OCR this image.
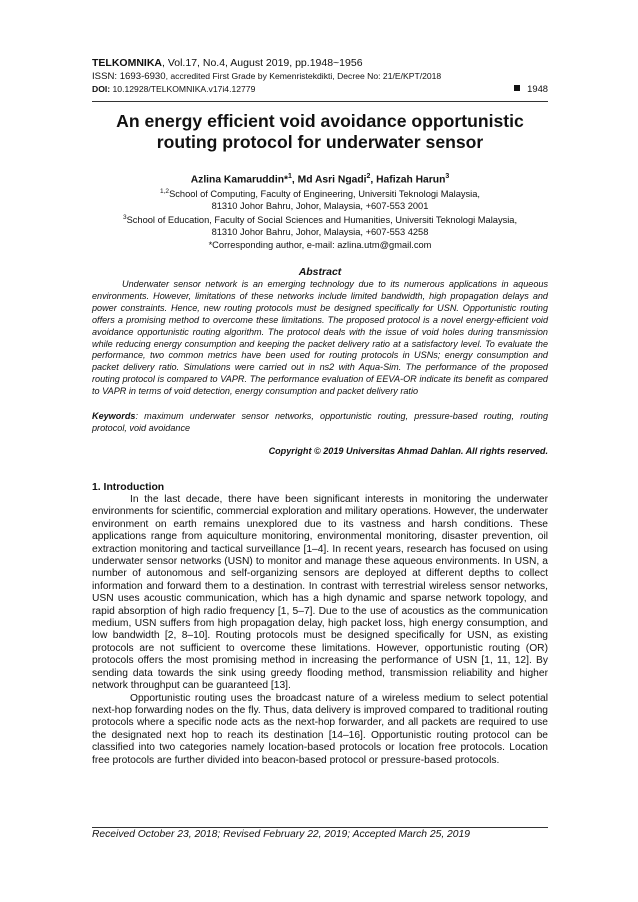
TELKOMNIKA, Vol.17, No.4, August 2019, pp.1948~1956
ISSN: 1693-6930, accredited First Grade by Kemenristekdikti, Decree No: 21/E/KPT/2018
DOI: 10.12928/TELKOMNIKA.v17i4.12779	1948
An energy efficient void avoidance opportunistic
routing protocol for underwater sensor
Azlina Kamaruddin*$^1$, Md Asri Ngadi$^2$, Hafizah Harun$^3$
$^{1,2}$School of Computing, Faculty of Engineering, Universiti Teknologi Malaysia,
81310 Johor Bahru, Johor, Malaysia, +607-553 2001
$^3$School of Education, Faculty of Social Sciences and Humanities, Universiti Teknologi Malaysia,
81310 Johor Bahru, Johor, Malaysia, +607-553 4258
*Corresponding author, e-mail: azlina.utm@gmail.com
Abstract

Underwater sensor network is an emerging technology due to its numerous applications in aqueous environments. However, limitations of these networks include limited bandwidth, high propagation delays and power constraints. Hence, new routing protocols must be designed specifically for USN. Opportunistic routing offers a promising method to overcome these limitations. The proposed protocol is a novel energy-efficient void avoidance opportunistic routing algorithm. The protocol deals with the issue of void holes during transmission while reducing energy consumption and keeping the packet delivery ratio at a satisfactory level. To evaluate the performance, two common metrics have been used for routing protocols in USNs; energy consumption and packet delivery ratio. Simulations were carried out in ns2 with Aqua-Sim. The performance of the proposed routing protocol is compared to VAPR. The performance evaluation of EEVA-OR indicate its benefit as compared to VAPR in terms of void detection, energy consumption and packet delivery ratio

Keywords: maximum underwater sensor networks, opportunistic routing, pressure-based routing, routing protocol, void avoidance

Copyright © 2019 Universitas Ahmad Dahlan. All rights reserved.
1. Introduction

In the last decade, there have been significant interests in monitoring the underwater environments for scientific, commercial exploration and military operations. However, the underwater environment on earth remains unexplored due to its vastness and harsh conditions. These applications range from aquiculture monitoring, environmental monitoring, disaster prevention, oil extraction monitoring and tactical surveillance [1–4]. In recent years, research has focused on using underwater sensor networks (USN) to monitor and manage these aqueous environments. In USN, a number of autonomous and self-organizing sensors are deployed at different depths to collect information and forward them to a destination. In contrast with terrestrial wireless sensor networks, USN uses acoustic communication, which has a high dynamic and sparse network topology, and rapid absorption of high radio frequency [1, 5–7]. Due to the use of acoustics as the communication medium, USN suffers from high propagation delay, high packet loss, high energy consumption, and low bandwidth [2, 8–10]. Routing protocols must be designed specifically for USN, as existing protocols are not sufficient to overcome these limitations. However, opportunistic routing (OR) protocols offers the most promising method in increasing the performance of USN [1, 11, 12]. By sending data towards the sink using greedy flooding method, transmission reliability and higher network throughput can be guaranteed [13].

Opportunistic routing uses the broadcast nature of a wireless medium to select potential next-hop forwarding nodes on the fly. Thus, data delivery is improved compared to traditional routing protocols where a specific node acts as the next-hop forwarder, and all packets are required to use the designated next hop to reach its destination [14–16]. Opportunistic routing protocol can be classified into two categories namely location-based protocols or location free protocols. Location free protocols are further divided into beacon-based protocol or pressure-based protocols.

Received October 23, 2018; Revised February 22, 2019; Accepted March 25, 2019
